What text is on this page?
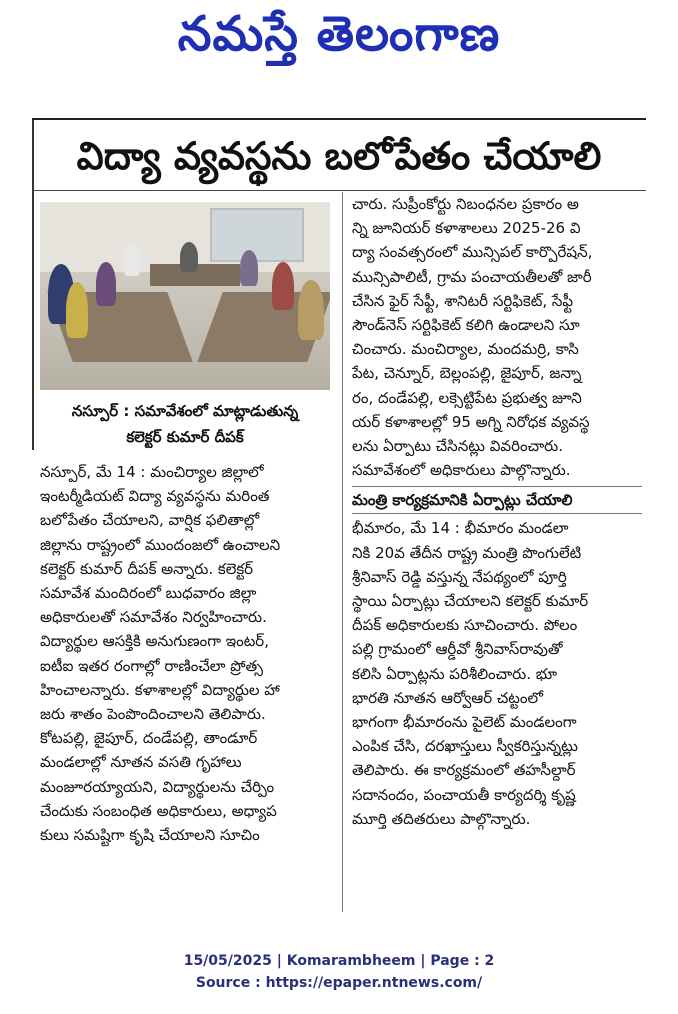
నమస్తే తెలంగాణ
విద్యా వ్యవస్థను బలోపేతం చేయాలి
నస్పూర్ : సమావేశంలో మాట్లాడుతున్న
కలెక్టర్ కుమార్ దీపక్

నస్పూర్, మే 14 : మంచిర్యాల జిల్లాలో
ఇంటర్మీడియట్ విద్యా వ్యవస్థను మరింత
బలోపేతం చేయాలని, వార్షిక ఫలితాల్లో
జిల్లాను రాష్ట్రంలో ముందంజలో ఉంచాలని
కలెక్టర్ కుమార్ దీపక్ అన్నారు. కలెక్టర్
సమావేశ మందిరంలో బుధవారం జిల్లా
అధికారులతో సమావేశం నిర్వహించారు.
విద్యార్థుల ఆసక్తికి అనుగుణంగా ఇంటర్,
ఐటీఐ ఇతర రంగాల్లో రాణించేలా ప్రోత్స
హించాలన్నారు. కళాశాలల్లో విద్యార్థుల హా
జరు శాతం పెంపొందించాలని తెలిపారు.
కోటపల్లి, జైపూర్, దండేపల్లి, తాండూర్
మండలాల్లో నూతన వసతి గృహాలు
మంజూరయ్యాయని, విద్యార్థులను చేర్పిం
చేందుకు సంబంధిత అధికారులు, అధ్యాప
కులు సమష్టిగా కృషి చేయాలని సూచిం

చారు. సుప్రీంకోర్టు నిబంధనల ప్రకారం అ
న్ని జూనియర్ కళాశాలలు 2025-26 వి
ద్యా సంవత్సరంలో మున్సిపల్ కార్పొరేషన్,
మున్సిపాలిటీ, గ్రామ పంచాయతీలతో జారీ
చేసిన ఫైర్ సేఫ్టీ, శానిటరీ సర్టిఫికెట్, సేఫ్టీ
సౌండ్‌నెస్ సర్టిఫికెట్ కలిగి ఉండాలని సూ
చించారు. మంచిర్యాల, మందమర్రి, కాసి
పేట, చెన్నూర్, బెల్లంపల్లి, జైపూర్, జన్నా
రం, దండేపల్లి, లక్సెట్టిపేట ప్రభుత్వ జూని
యర్ కళాశాలల్లో 95 అగ్ని నిరోధక వ్యవస్థ
లను ఏర్పాటు చేసినట్లు వివరించారు.
సమావేశంలో అధికారులు పాల్గొన్నారు.

మంత్రి కార్యక్రమానికి ఏర్పాట్లు చేయాలి

భీమారం, మే 14 : భీమారం మండలా
నికి 20వ తేదీన రాష్ట్ర మంత్రి పొంగులేటి
శ్రీనివాస్ రెడ్డి వస్తున్న నేపథ్యంలో పూర్తి
స్థాయి ఏర్పాట్లు చేయాలని కలెక్టర్ కుమార్
దీపక్ అధికారులకు సూచించారు. పోలం
పల్లి గ్రామంలో ఆర్డీవో శ్రీనివాస్‌రావుతో
కలిసి ఏర్పాట్లను పరిశీలించారు. భూ
భారతి నూతన ఆర్వోఆర్ చట్టంలో
భాగంగా భీమారంను పైలెట్ మండలంగా
ఎంపిక చేసి, దరఖాస్తులు స్వీకరిస్తున్నట్లు
తెలిపారు. ఈ కార్యక్రమంలో తహసీల్దార్
సదానందం, పంచాయతీ కార్యదర్శి కృష్ణ
మూర్తి తదితరులు పాల్గొన్నారు.

15/05/2025 | Komarambheem | Page : 2
Source : https://epaper.ntnews.com/
